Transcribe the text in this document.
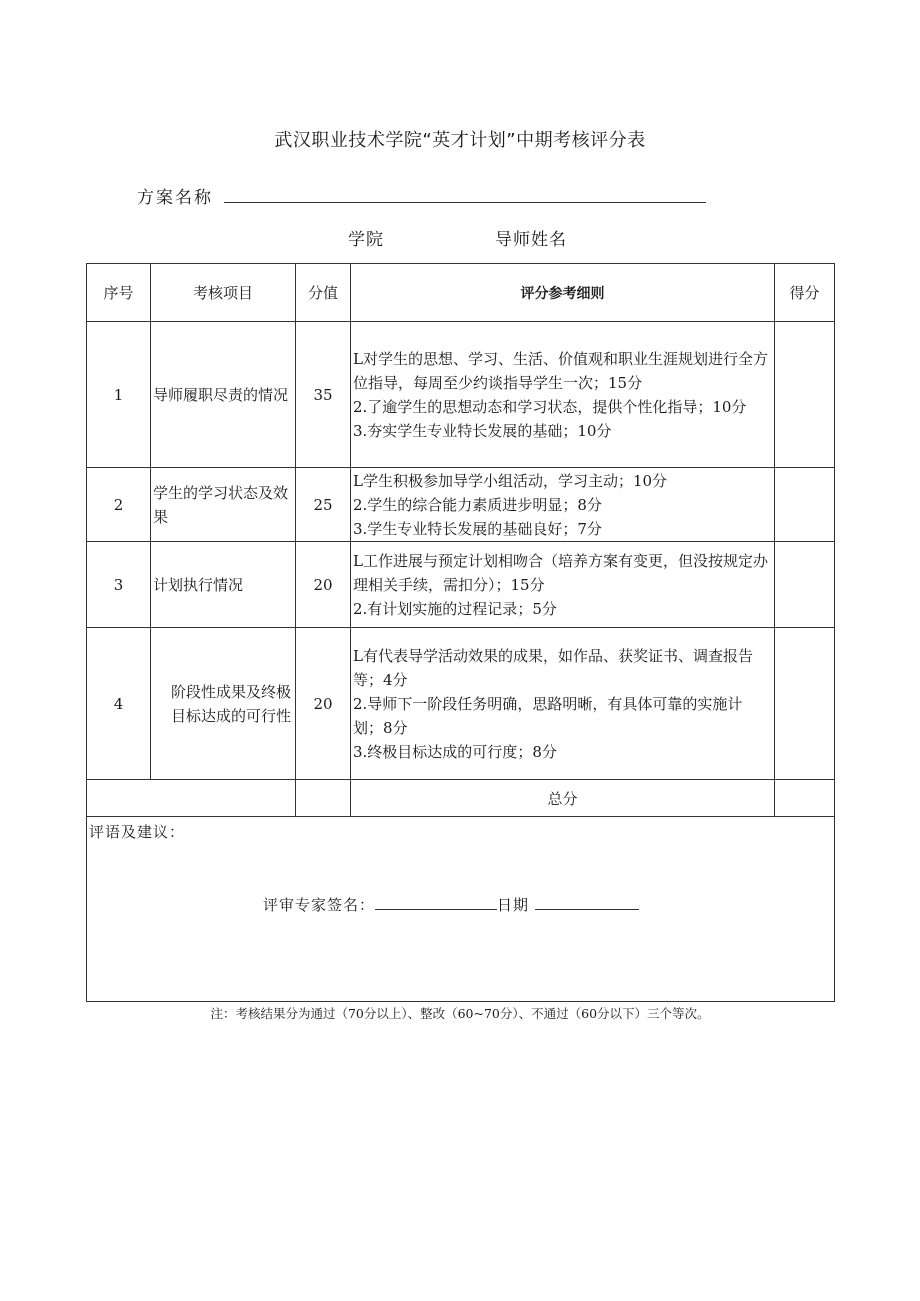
武汉职业技术学院“英才计划”中期考核评分表
方案名称
学院	导师姓名
序号	考核项目	分值	评分参考细则	得分
1	导师履职尽责的情况	35	L对学生的思想、学习、生活、价值观和职业生涯规划进行全方位指导，每周至少约谈指导学生一次；15分
2.了逾学生的思想动态和学习状态，提供个性化指导；10分
3.夯实学生专业特长发展的基础；10分	

2	学生的学习状态及效果	25	L学生积极参加导学小组活动，学习主动；10分
2.学生的综合能力素质进步明显；8分
3.学生专业特长发展的基础良好；7分	

3	计划执行情况	20	L工作进展与预定计划相吻合（培养方案有变更，但没按规定办理相关手续，需扣分）；15分
2.有计划实施的过程记录；5分	

4	阶段性成果及终极目标达成的可行性	20	L有代表导学活动效果的成果，如作品、获奖证书、调查报告等；4分
2.导师下一阶段任务明确，思路明晰，有具体可靠的实施计划；8分
3.终极目标达成的可行度；8分	

			总分	

评语及建议：
评审专家签名： 日期				
注：考核结果分为通过（70分以上）、整改（60~70分）、不通过（60分以下）三个等次。
